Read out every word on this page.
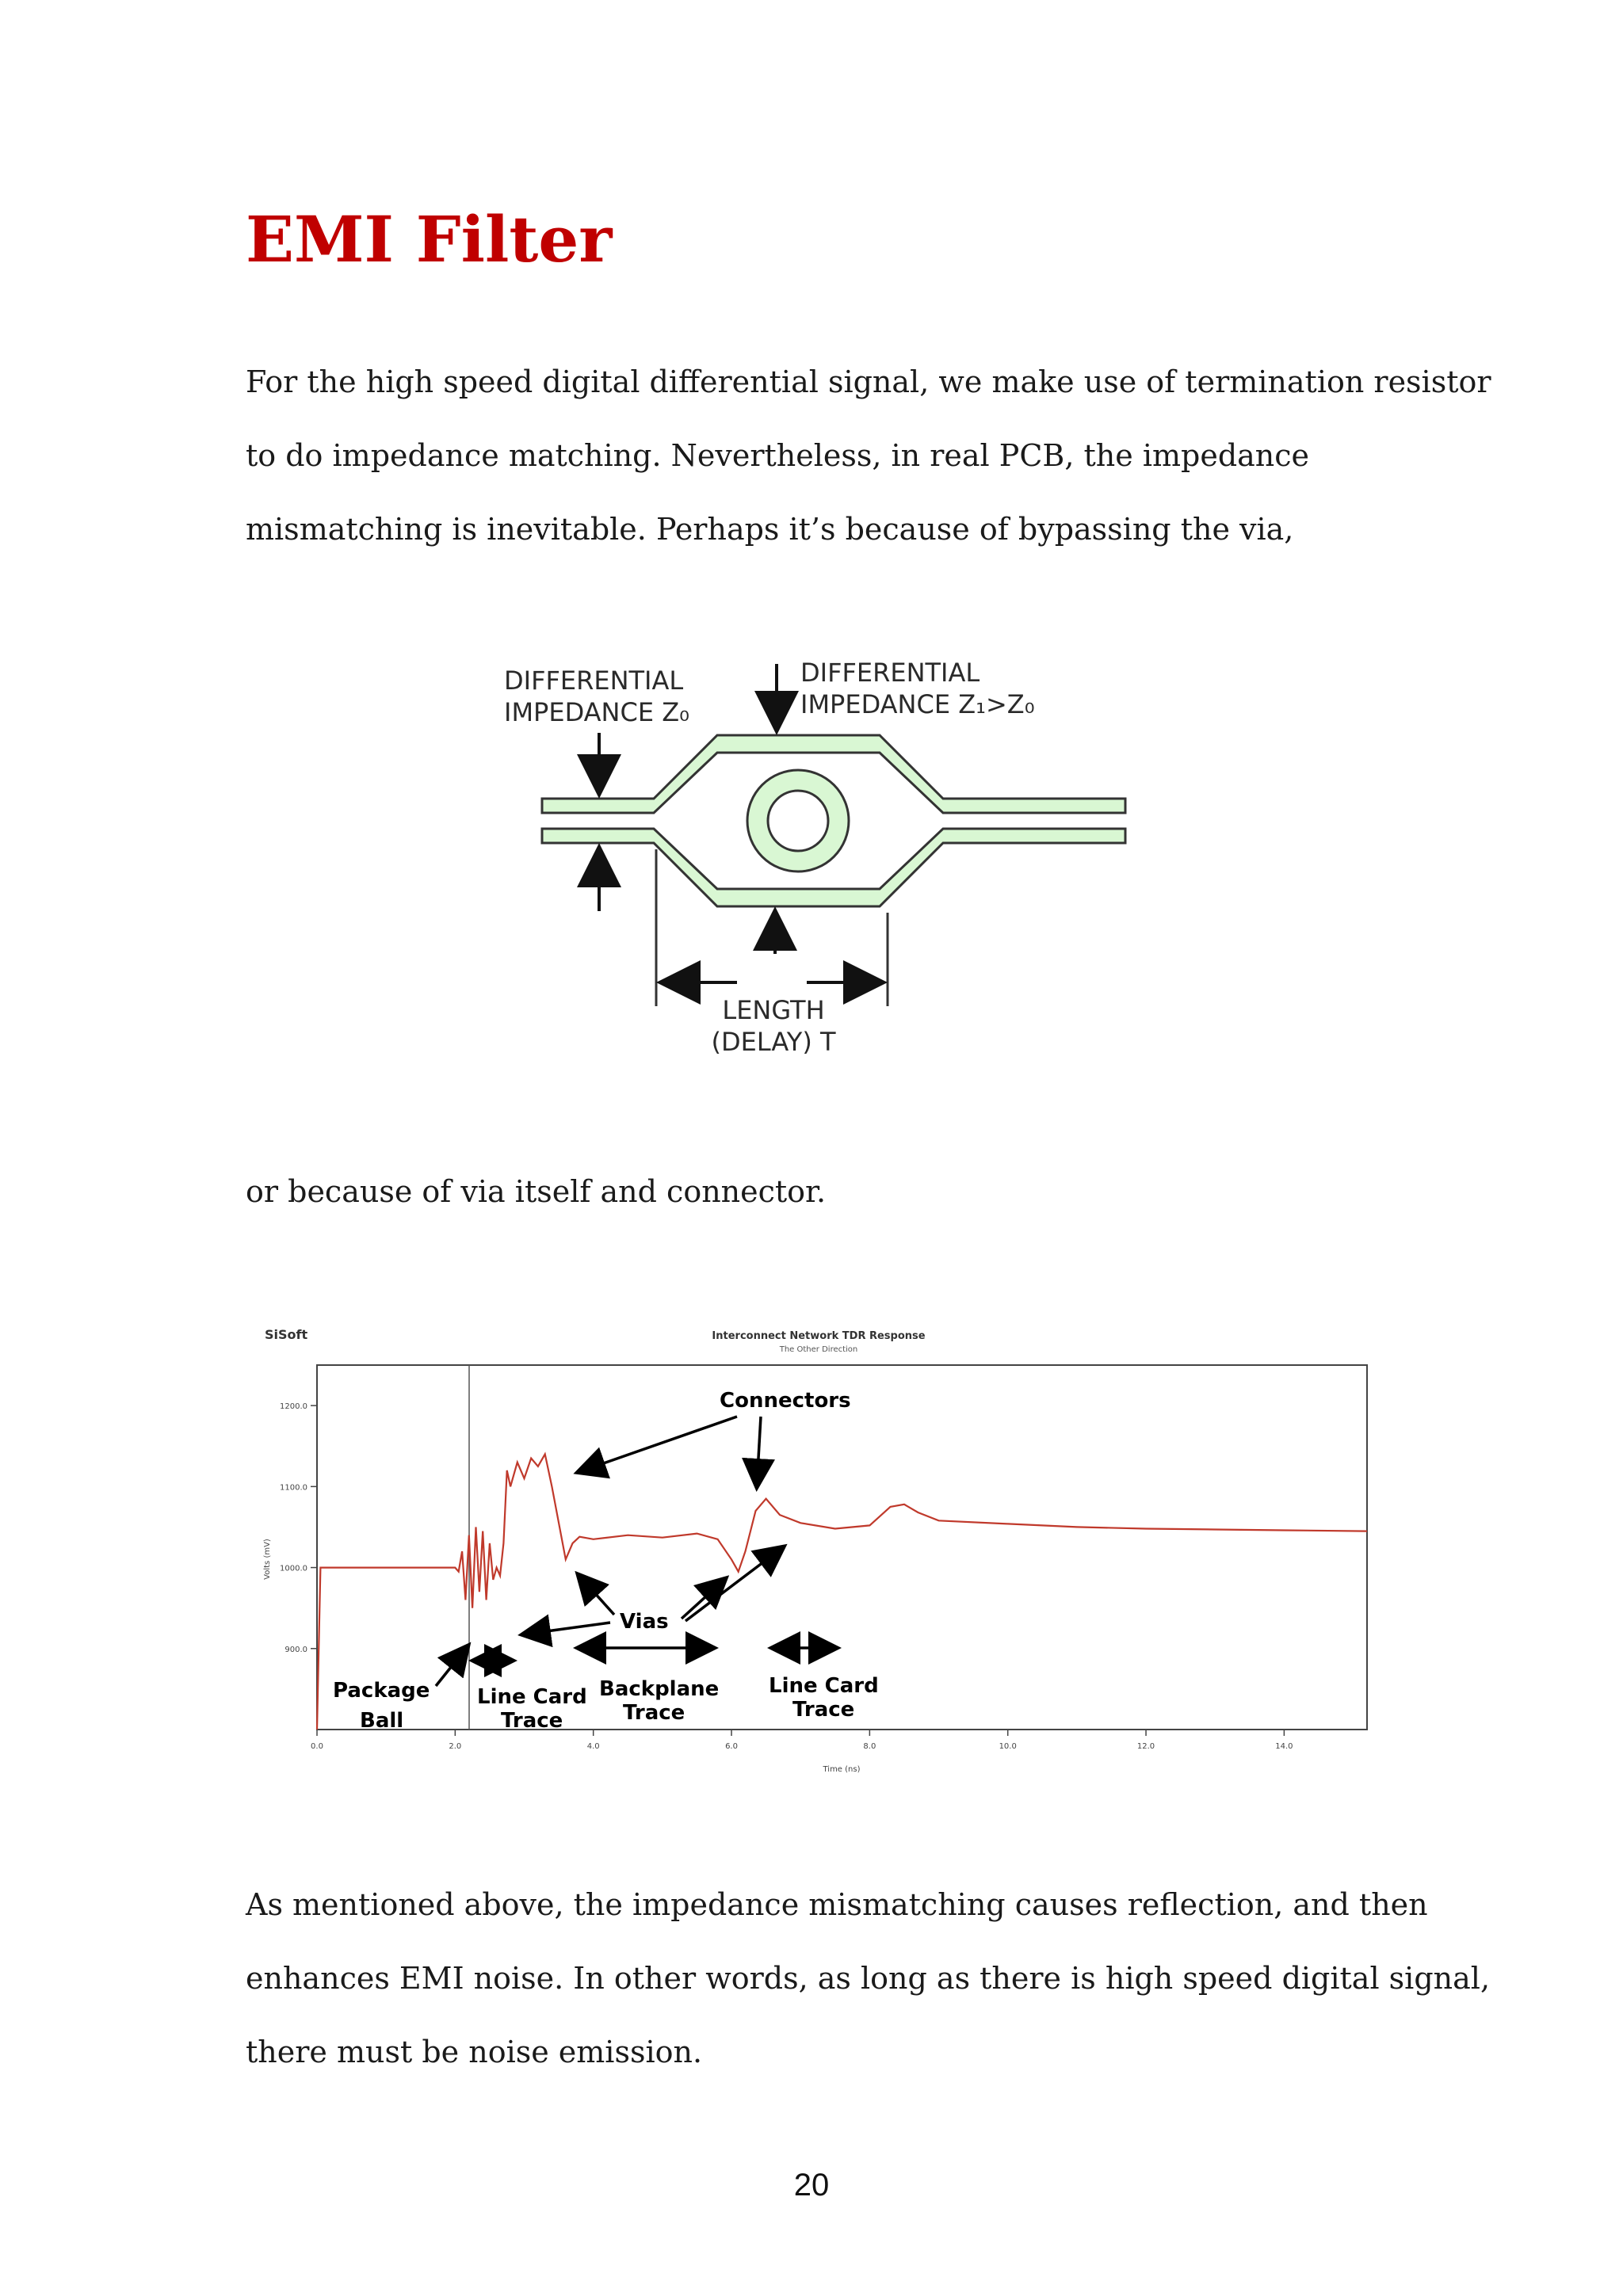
EMI Filter

For the high speed digital differential signal, we make use of termination resistor
to do impedance matching. Nevertheless, in real PCB, the impedance
mismatching is inevitable. Perhaps it’s because of bypassing the via,

DIFFERENTIAL
IMPEDANCE Z₀
DIFFERENTIAL
IMPEDANCE Z₁>Z₀
LENGTH
(DELAY) T

or because of via itself and connector.

SiSoft	Interconnect Network TDR Response
The Other Direction
900.0
1000.0
1100.0
1200.0
0.0	2.0	4.0	6.0	8.0	10.0	12.0	14.0
Volts (mV)
Time (ns)
Connectors
Vias
Package
Ball
Line Card
Trace
Backplane
Trace
Line Card
Trace

As mentioned above, the impedance mismatching causes reflection, and then
enhances EMI noise. In other words, as long as there is high speed digital signal,
there must be noise emission.

20
